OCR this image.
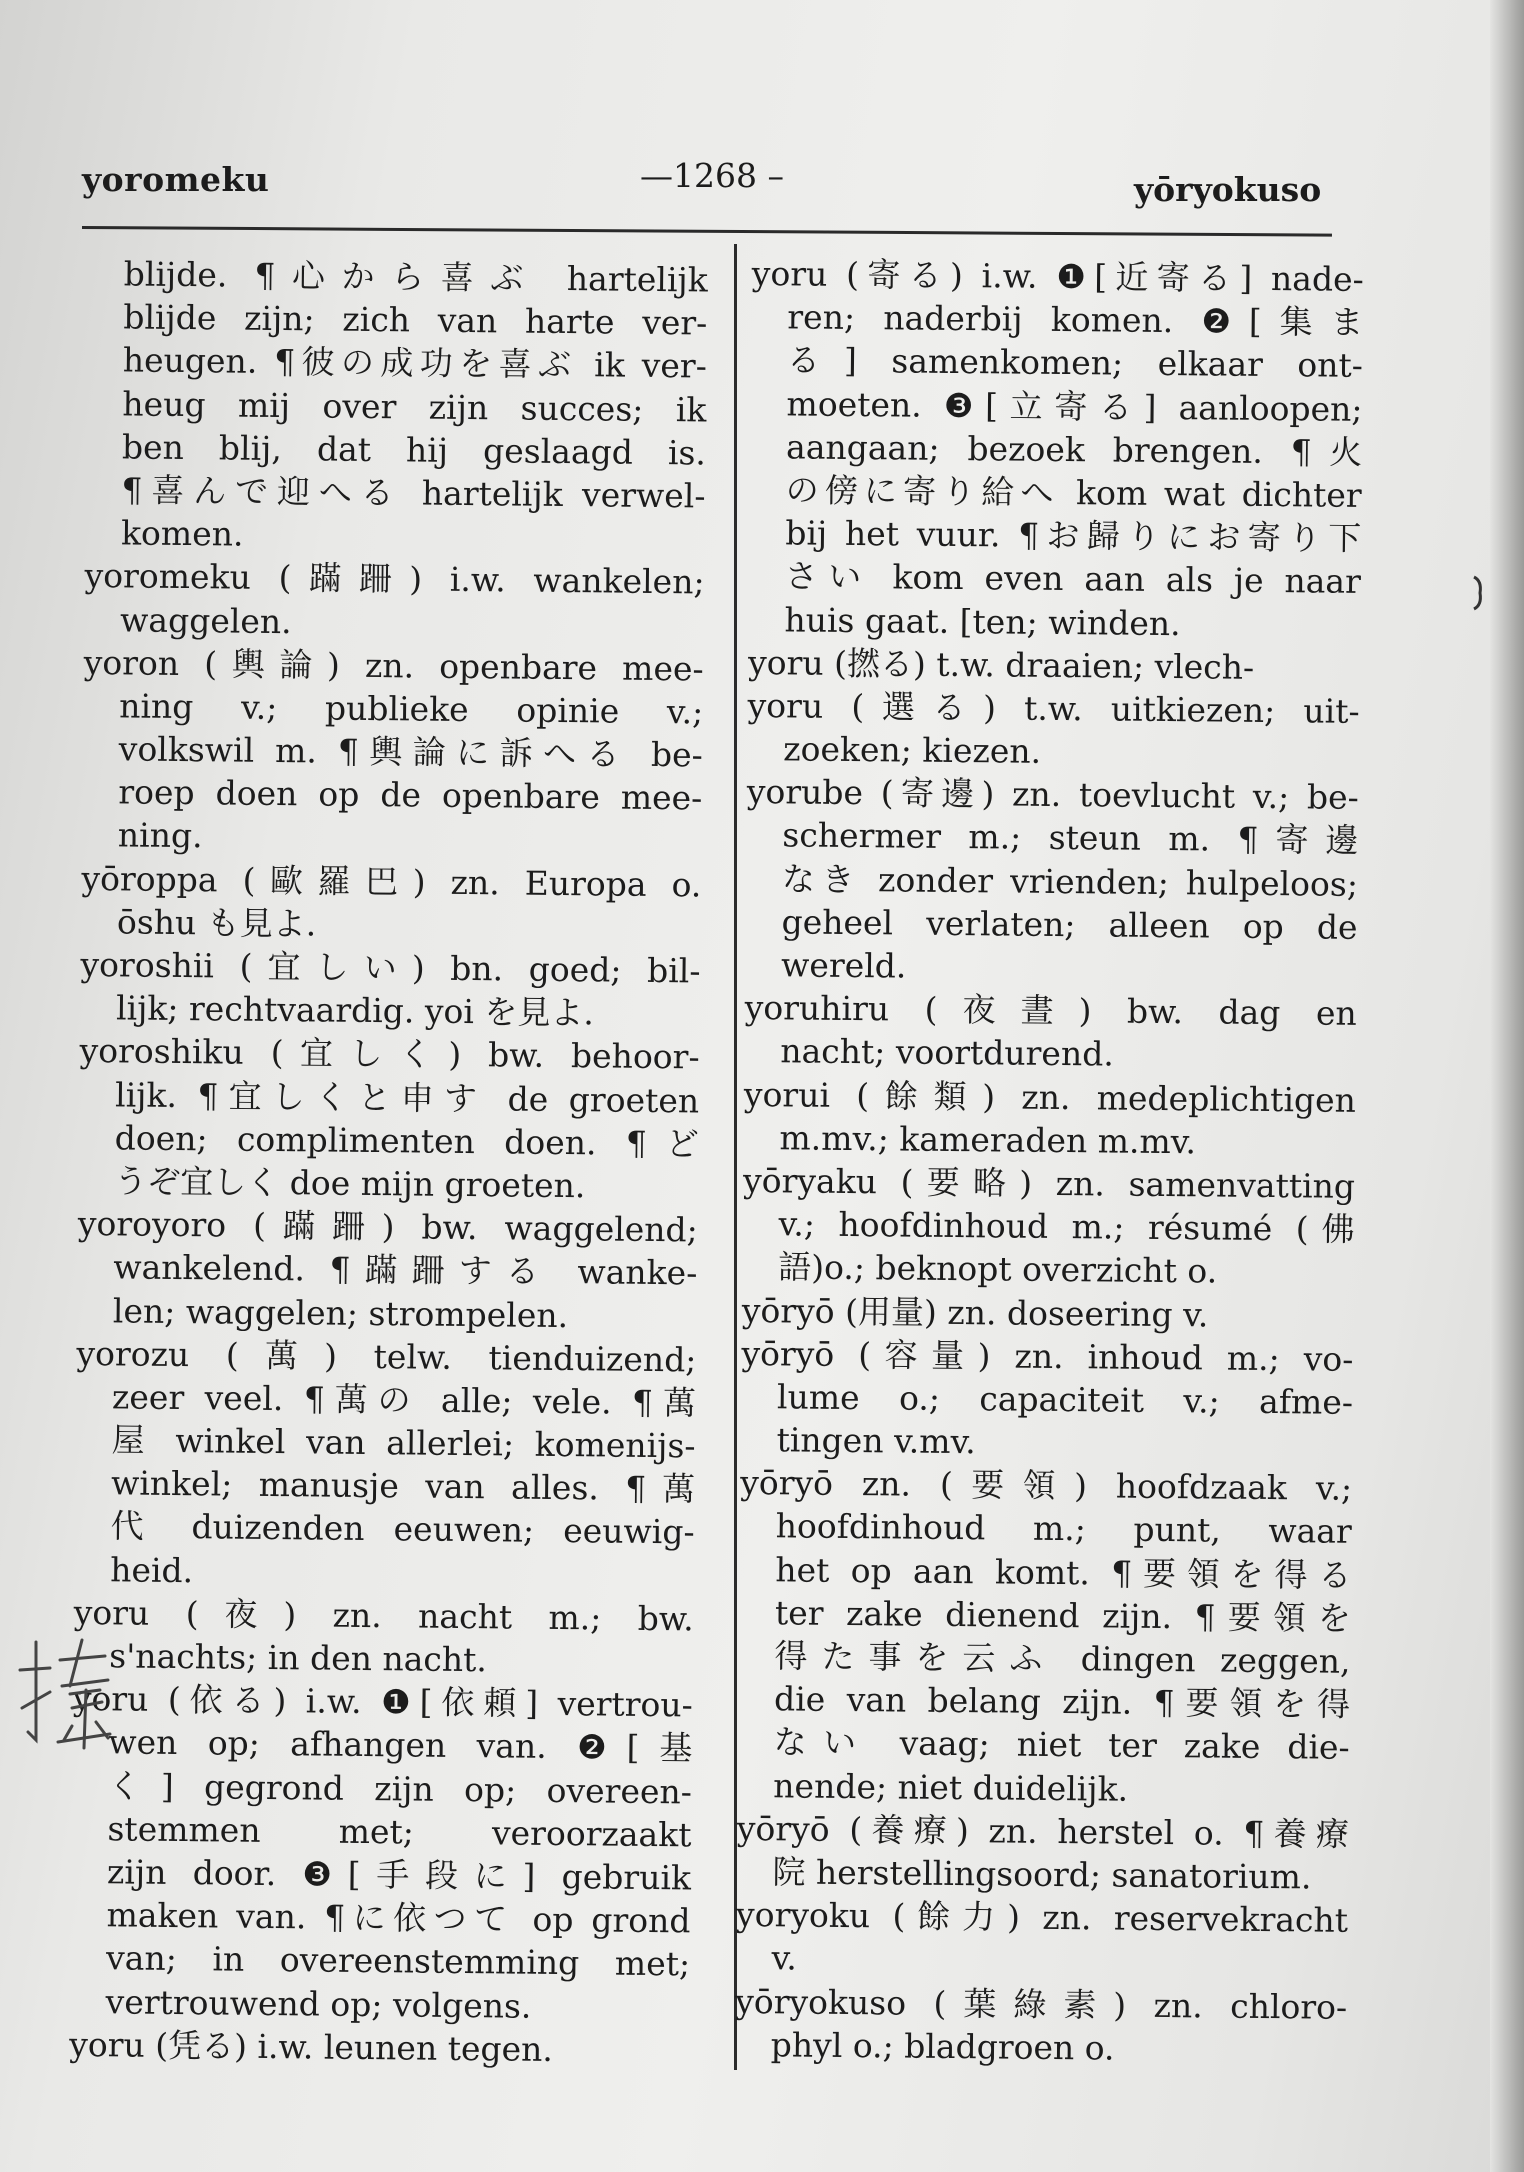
yoromeku	—1268 –	yōryokuso
blijde. ¶心から喜ぶ hartelijk
blijde zijn; zich van harte ver-
heugen. ¶彼の成功を喜ぶ ik ver-
heug mij over zijn succes; ik
ben blij, dat hij geslaagd is.
¶喜んで迎へる hartelijk verwel-
komen.
yoromeku (蹣跚) i.w. wankelen;
waggelen.
yoron (輿論) zn. openbare mee-
ning v.; publieke opinie v.;
volkswil m. ¶輿論に訴へる be-
roep doen op de openbare mee-
ning.
yōroppa (歐羅巴) zn. Europa o.
ōshu も見よ.
yoroshii (宜しい) bn. goed; bil-
lijk; rechtvaardig. yoi を見よ.
yoroshiku (宜しく) bw. behoor-
lijk. ¶宜しくと申す de groeten
doen; complimenten doen. ¶ど
うぞ宜しく doe mijn groeten.
yoroyoro (蹣跚) bw. waggelend;
wankelend. ¶蹣跚する wanke-
len; waggelen; strompelen.
yorozu (萬) telw. tienduizend;
zeer veel. ¶萬の alle; vele. ¶萬
屋 winkel van allerlei; komenijs-
winkel; manusje van alles. ¶萬
代 duizenden eeuwen; eeuwig-
heid.
yoru (夜) zn. nacht m.; bw.
s'nachts; in den nacht.
yoru (依る) i.w. ❶[依頼] vertrou-
wen op; afhangen van. ❷[基
く] gegrond zijn op; overeen-
stemmen met; veroorzaakt
zijn door. ❸[手段に] gebruik
maken van. ¶に依つて op grond
van; in overeenstemming met;
vertrouwend op; volgens.
yoru (凭る) i.w. leunen tegen.
yoru (寄る) i.w. ❶[近寄る] nade-
ren; naderbij komen. ❷[集ま
る] samenkomen; elkaar ont-
moeten. ❸[立寄る] aanloopen;
aangaan; bezoek brengen. ¶火
の傍に寄り給へ kom wat dichter
bij het vuur. ¶お歸りにお寄り下
さい kom even aan als je naar
huis gaat. [ten; winden.
yoru (撚る) t.w. draaien; vlech-
yoru (選る) t.w. uitkiezen; uit-
zoeken; kiezen.
yorube (寄邊) zn. toevlucht v.; be-
schermer m.; steun m. ¶寄邊
なき zonder vrienden; hulpeloos;
geheel verlaten; alleen op de
wereld.
yoruhiru (夜晝) bw. dag en
nacht; voortdurend.
yorui (餘類) zn. medeplichtigen
m.mv.; kameraden m.mv.
yōryaku (要略) zn. samenvatting
v.; hoofdinhoud m.; résumé (佛
語)o.; beknopt overzicht o.
yōryō (用量) zn. doseering v.
yōryō (容量) zn. inhoud m.; vo-
lume o.; capaciteit v.; afme-
tingen v.mv.
yōryō zn. (要領) hoofdzaak v.;
hoofdinhoud m.; punt, waar
het op aan komt. ¶要領を得る
ter zake dienend zijn. ¶要領を
得た事を云ふ dingen zeggen,
die van belang zijn. ¶要領を得
ない vaag; niet ter zake die-
nende; niet duidelijk.
yōryō (養療) zn. herstel o. ¶養療
院 herstellingsoord; sanatorium.
yoryoku (餘力) zn. reservekracht
v.
yōryokuso (葉綠素) zn. chloro-
phyl o.; bladgroen o.
